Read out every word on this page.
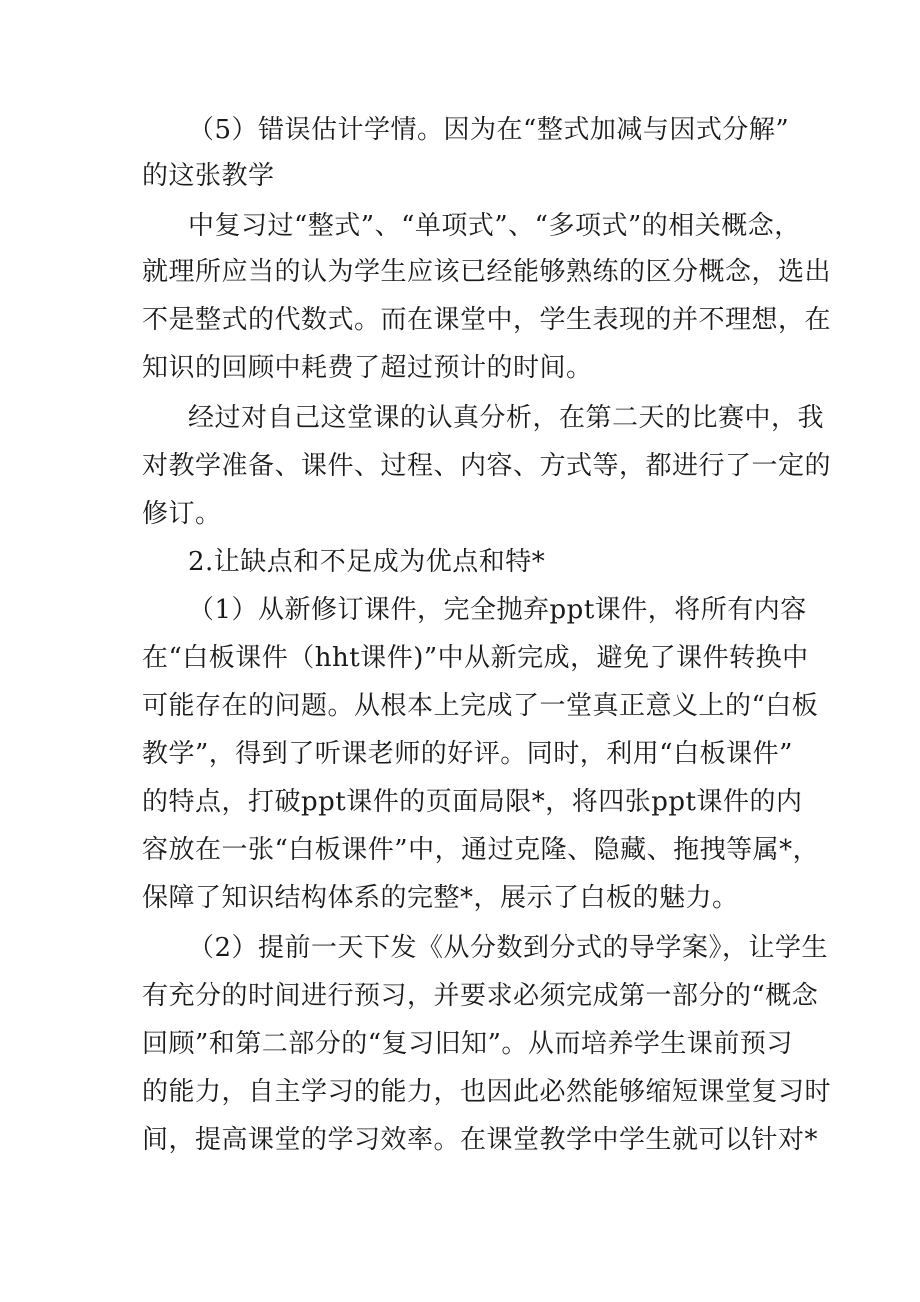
（5）错误估计学情。因为在“整式加减与因式分解”
的这张教学
中复习过“整式”、“单项式”、“多项式”的相关概念，
就理所应当的认为学生应该已经能够熟练的区分概念，选出
不是整式的代数式。而在课堂中，学生表现的并不理想，在
知识的回顾中耗费了超过预计的时间。
经过对自己这堂课的认真分析，在第二天的比赛中，我
对教学准备、课件、过程、内容、方式等，都进行了一定的
修订。
2.让缺点和不足成为优点和特*
（1）从新修订课件，完全抛弃ppt课件，将所有内容
在“白板课件（hht课件)”中从新完成，避免了课件转换中
可能存在的问题。从根本上完成了一堂真正意义上的“白板
教学”，得到了听课老师的好评。同时，利用“白板课件”
的特点，打破ppt课件的页面局限*，将四张ppt课件的内
容放在一张“白板课件”中，通过克隆、隐藏、拖拽等属*，
保障了知识结构体系的完整*，展示了白板的魅力。
（2）提前一天下发《从分数到分式的导学案》，让学生
有充分的时间进行预习，并要求必须完成第一部分的“概念
回顾”和第二部分的“复习旧知”。从而培养学生课前预习
的能力，自主学习的能力，也因此必然能够缩短课堂复习时
间，提高课堂的学习效率。在课堂教学中学生就可以针对*
